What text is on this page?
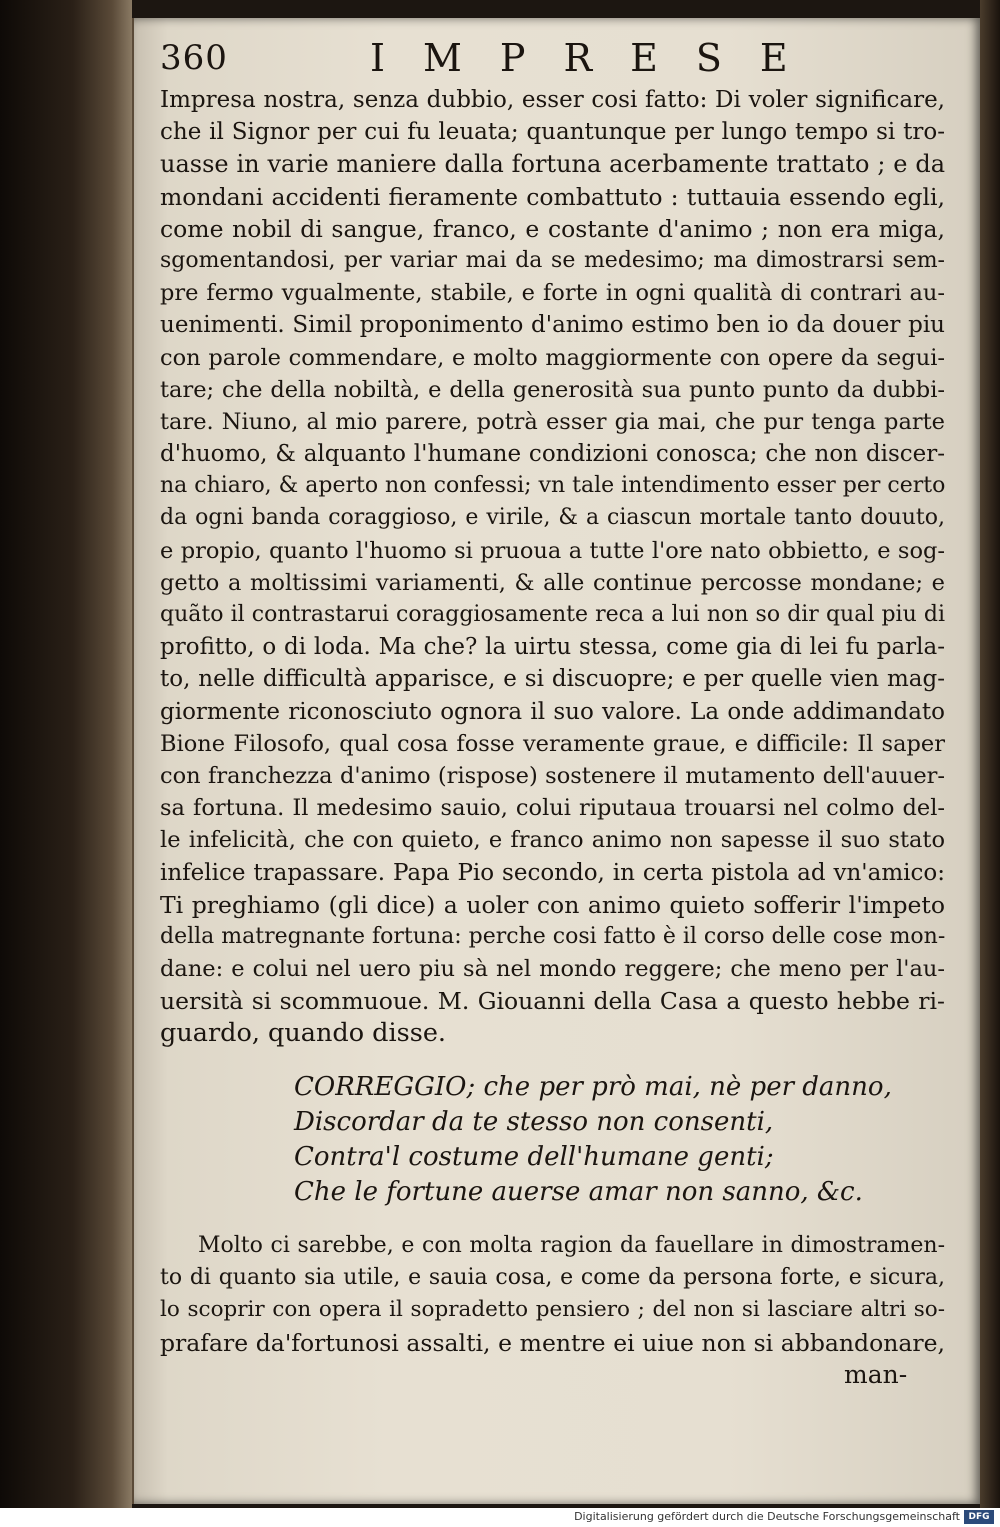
360	IMPRESE
Impresa nostra, senza dubbio, esser cosi fatto: Di voler significare,
che il Signor per cui fu leuata; quantunque per lungo tempo si tro-
uasse in varie maniere dalla fortuna acerbamente trattato ; e da
mondani accidenti fieramente combattuto : tuttauia essendo egli,
come nobil di sangue, franco, e costante d'animo ; non era miga,
sgomentandosi, per variar mai da se medesimo; ma dimostrarsi sem-
pre fermo vgualmente, stabile, e forte in ogni qualità di contrari au-
uenimenti. Simil proponimento d'animo estimo ben io da douer piu
con parole commendare, e molto maggiormente con opere da segui-
tare; che della nobiltà, e della generosità sua punto punto da dubbi-
tare. Niuno, al mio parere, potrà esser gia mai, che pur tenga parte
d'huomo, & alquanto l'humane condizioni conosca; che non discer-
na chiaro, & aperto non confessi; vn tale intendimento esser per certo
da ogni banda coraggioso, e virile, & a ciascun mortale tanto douuto,
e propio, quanto l'huomo si pruoua a tutte l'ore nato obbietto, e sog-
getto a moltissimi variamenti, & alle continue percosse mondane; e
quãto il contrastarui coraggiosamente reca a lui non so dir qual piu di
profitto, o di loda. Ma che? la uirtu stessa, come gia di lei fu parla-
to, nelle difficultà apparisce, e si discuopre; e per quelle vien mag-
giormente riconosciuto ognora il suo valore. La onde addimandato
Bione Filosofo, qual cosa fosse veramente graue, e difficile: Il saper
con franchezza d'animo (rispose) sostenere il mutamento dell'auuer-
sa fortuna. Il medesimo sauio, colui riputaua trouarsi nel colmo del-
le infelicità, che con quieto, e franco animo non sapesse il suo stato
infelice trapassare. Papa Pio secondo, in certa pistola ad vn'amico:
Ti preghiamo (gli dice) a uoler con animo quieto sofferir l'impeto
della matregnante fortuna: perche cosi fatto è il corso delle cose mon-
dane: e colui nel uero piu sà nel mondo reggere; che meno per l'au-
uersità si scommuoue. M. Giouanni della Casa a questo hebbe ri-
guardo, quando disse.
CORREGGIO; che per prò mai, nè per danno,
Discordar da te stesso non consenti,
Contra'l costume dell'humane genti;
Che le fortune auerse amar non sanno, &c.
Molto ci sarebbe, e con molta ragion da fauellare in dimostramen-
to di quanto sia utile, e sauia cosa, e come da persona forte, e sicura,
lo scoprir con opera il sopradetto pensiero ; del non si lasciare altri so-
prafare da'fortunosi assalti, e mentre ei uiue non si abbandonare,
man-
Digitalisierung gefördert durch die Deutsche Forschungsgemeinschaft DFG
